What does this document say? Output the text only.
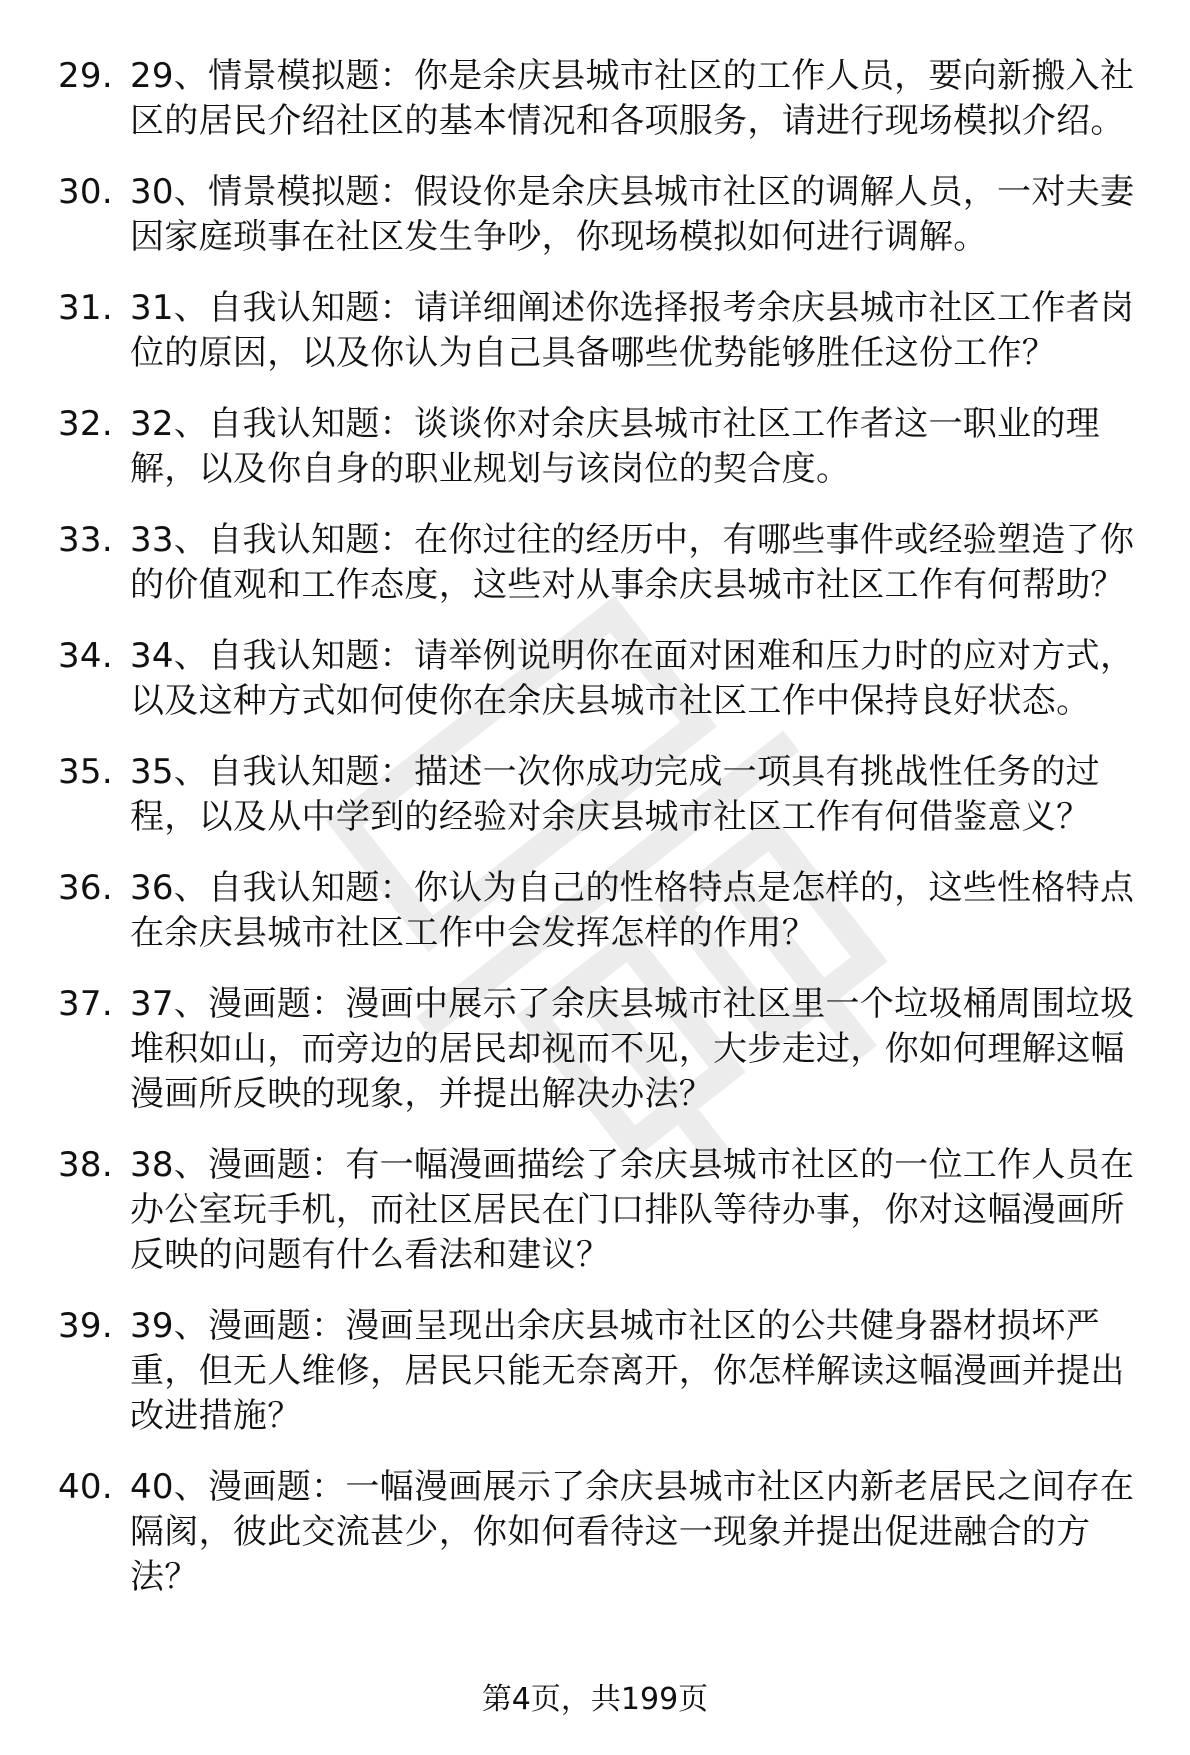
29. 29、情景模拟题：你是余庆县城市社区的工作人员，要向新搬入社区的居民介绍社区的基本情况和各项服务，请进行现场模拟介绍。
30. 30、情景模拟题：假设你是余庆县城市社区的调解人员，一对夫妻因家庭琐事在社区发生争吵，你现场模拟如何进行调解。
31. 31、自我认知题：请详细阐述你选择报考余庆县城市社区工作者岗位的原因，以及你认为自己具备哪些优势能够胜任这份工作？
32. 32、自我认知题：谈谈你对余庆县城市社区工作者这一职业的理解，以及你自身的职业规划与该岗位的契合度。
33. 33、自我认知题：在你过往的经历中，有哪些事件或经验塑造了你的价值观和工作态度，这些对从事余庆县城市社区工作有何帮助？
34. 34、自我认知题：请举例说明你在面对困难和压力时的应对方式，以及这种方式如何使你在余庆县城市社区工作中保持良好状态。
35. 35、自我认知题：描述一次你成功完成一项具有挑战性任务的过程，以及从中学到的经验对余庆县城市社区工作有何借鉴意义？
36. 36、自我认知题：你认为自己的性格特点是怎样的，这些性格特点在余庆县城市社区工作中会发挥怎样的作用？
37. 37、漫画题：漫画中展示了余庆县城市社区里一个垃圾桶周围垃圾堆积如山，而旁边的居民却视而不见，大步走过，你如何理解这幅漫画所反映的现象，并提出解决办法？
38. 38、漫画题：有一幅漫画描绘了余庆县城市社区的一位工作人员在办公室玩手机，而社区居民在门口排队等待办事，你对这幅漫画所反映的问题有什么看法和建议？
39. 39、漫画题：漫画呈现出余庆县城市社区的公共健身器材损坏严重，但无人维修，居民只能无奈离开，你怎样解读这幅漫画并提出改进措施？
40. 40、漫画题：一幅漫画展示了余庆县城市社区内新老居民之间存在隔阂，彼此交流甚少，你如何看待这一现象并提出促进融合的方法？
第4页，共199页
